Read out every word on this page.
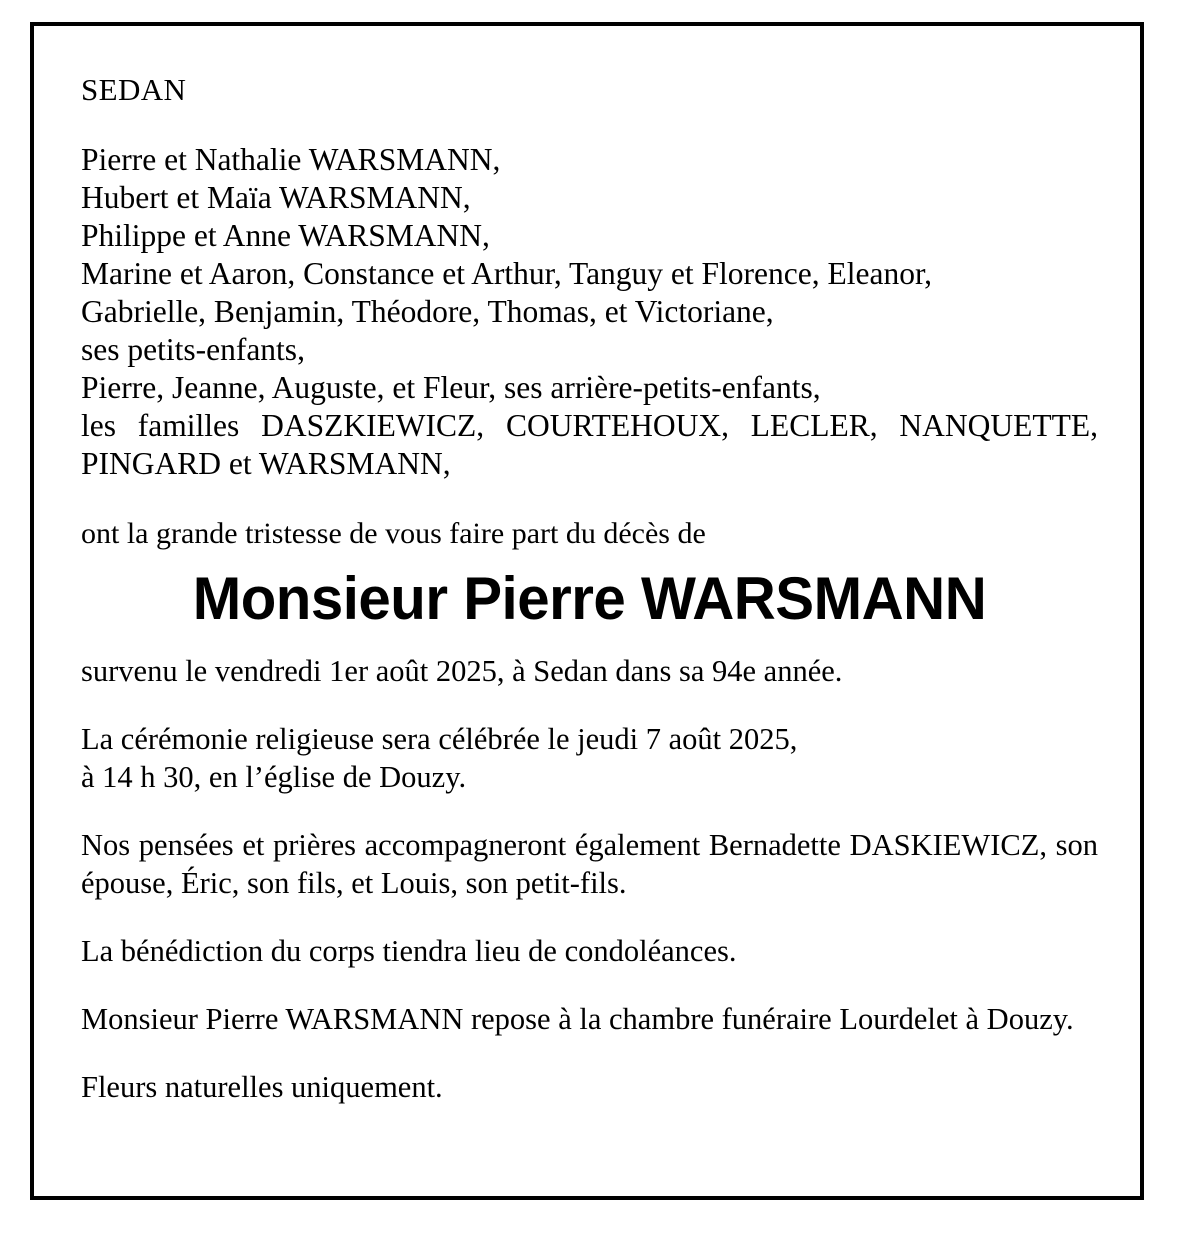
SEDAN
Pierre et Nathalie WARSMANN,
Hubert et Maïa WARSMANN,
Philippe et Anne WARSMANN,
Marine et Aaron, Constance et Arthur, Tanguy et Florence, Eleanor,
Gabrielle, Benjamin, Théodore, Thomas, et Victoriane,
ses petits-enfants,
Pierre, Jeanne, Auguste, et Fleur, ses arrière-petits-enfants,
les familles DASZKIEWICZ, COURTEHOUX, LECLER, NANQUETTE, PINGARD et WARSMANN,
ont la grande tristesse de vous faire part du décès de
Monsieur Pierre WARSMANN
survenu le vendredi 1er août 2025, à Sedan dans sa 94e année.
La cérémonie religieuse sera célébrée le jeudi 7 août 2025,
à 14 h 30, en l’église de Douzy.
Nos pensées et prières accompagneront également Bernadette DASKIEWICZ, son épouse, Éric, son fils, et Louis, son petit-fils.
La bénédiction du corps tiendra lieu de condoléances.
Monsieur Pierre WARSMANN repose à la chambre funéraire Lourdelet à Douzy.
Fleurs naturelles uniquement.
